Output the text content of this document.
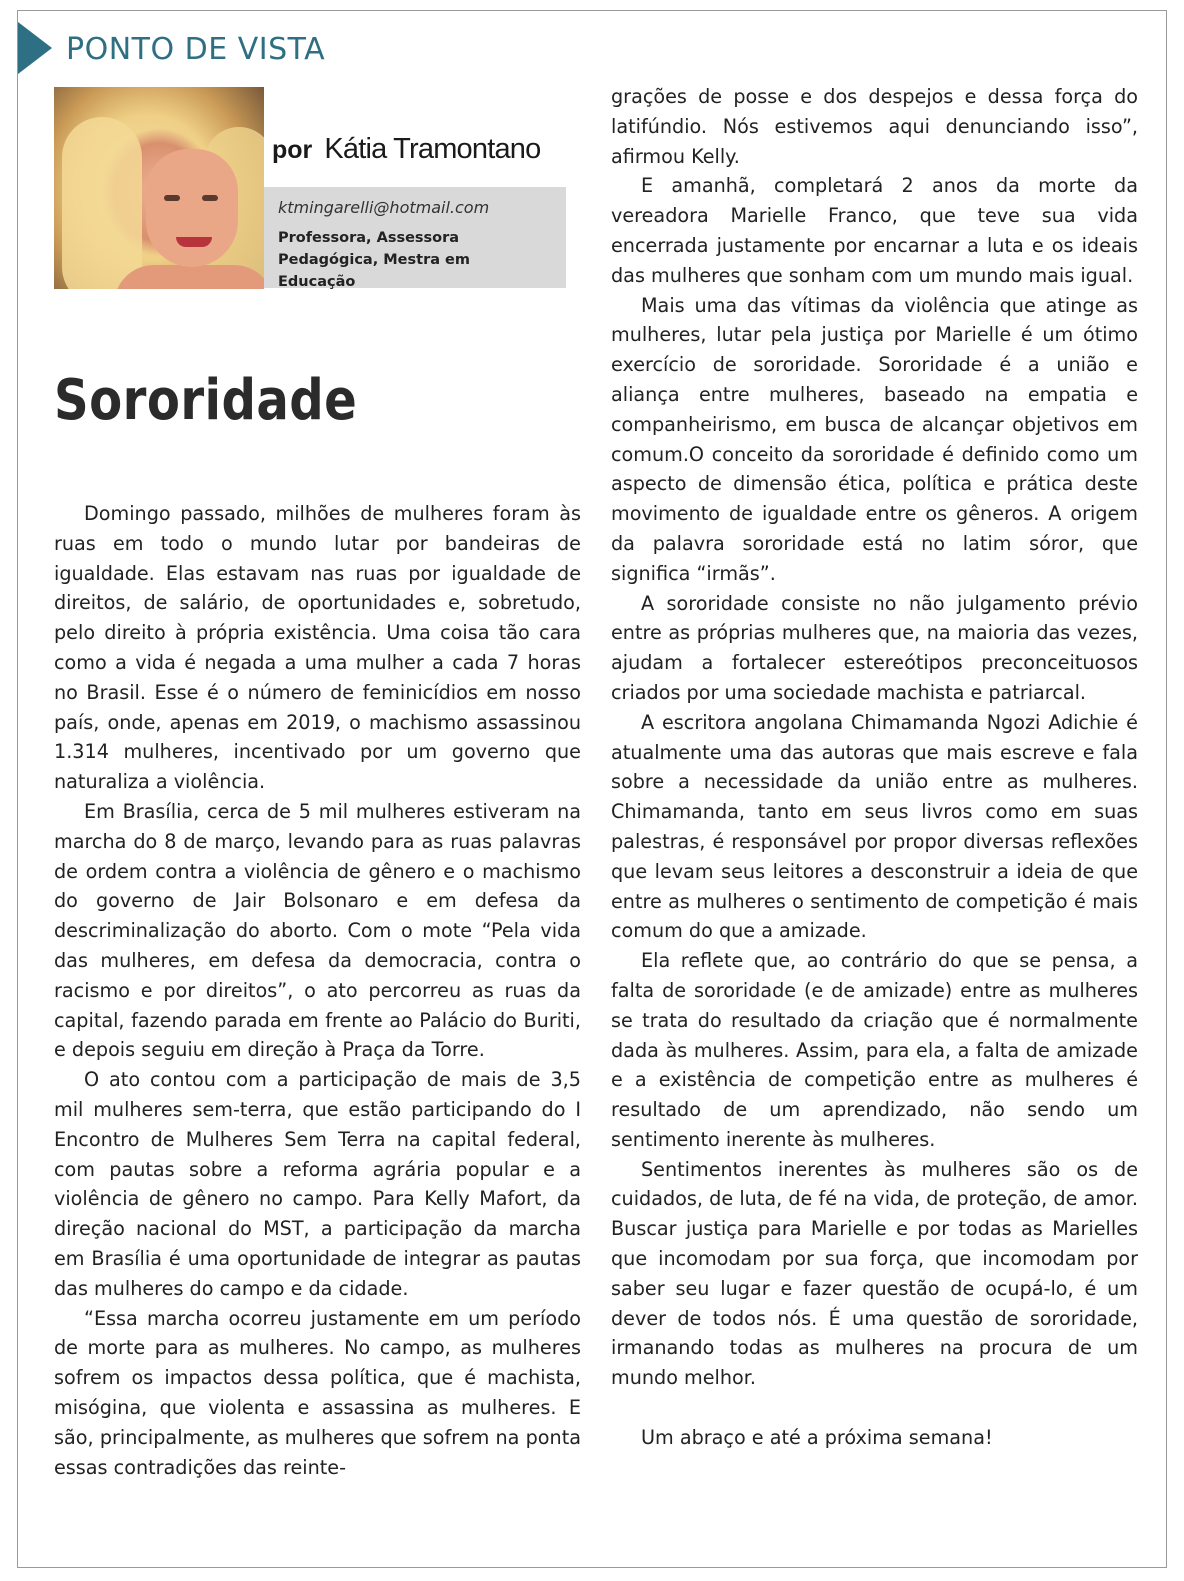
PONTO DE VISTA
por Kátia Tramontano
ktmingarelli@hotmail.com
Professora, Assessora
Pedagógica, Mestra em Educação
Sororidade

Domingo passado, milhões de mulheres foram às ruas em todo o mundo lutar por bandeiras de igualdade. Elas estavam nas ruas por igualdade de direitos, de salário, de oportunidades e, sobretudo, pelo direito à própria existência. Uma coisa tão cara como a vida é negada a uma mulher a cada 7 horas no Brasil. Esse é o número de feminicídios em nosso país, onde, apenas em 2019, o machismo assassinou 1.314 mulheres, incentivado por um governo que naturaliza a violência.

Em Brasília, cerca de 5 mil mulheres estiveram na marcha do 8 de março, levando para as ruas palavras de ordem contra a violência de gênero e o machismo do governo de Jair Bolsonaro e em defesa da descriminalização do aborto. Com o mote “Pela vida das mulheres, em defesa da democracia, contra o racismo e por direitos”, o ato percorreu as ruas da capital, fazendo parada em frente ao Palácio do Buriti, e depois seguiu em direção à Praça da Torre.

O ato contou com a participação de mais de 3,5 mil mulheres sem-terra, que estão participando do I Encontro de Mulheres Sem Terra na capital federal, com pautas sobre a reforma agrária popular e a violência de gênero no campo. Para Kelly Mafort, da direção nacional do MST, a participação da marcha em Brasília é uma oportunidade de integrar as pautas das mulheres do campo e da cidade.

“Essa marcha ocorreu justamente em um período de morte para as mulheres. No campo, as mulheres sofrem os impactos dessa política, que é machista, misógina, que violenta e assassina as mulheres. E são, principalmente, as mulheres que sofrem na ponta essas contradições das reinte-

grações de posse e dos despejos e dessa força do latifúndio. Nós estivemos aqui denunciando isso”, afirmou Kelly.

E amanhã, completará 2 anos da morte da vereadora Marielle Franco, que teve sua vida encerrada justamente por encarnar a luta e os ideais das mulheres que sonham com um mundo mais igual.

Mais uma das vítimas da violência que atinge as mulheres, lutar pela justiça por Marielle é um ótimo exercício de sororidade. Sororidade é a união e aliança entre mulheres, baseado na empatia e companheirismo, em busca de alcançar objetivos em comum.O conceito da sororidade é definido como um aspecto de dimensão ética, política e prática deste movimento de igualdade entre os gêneros. A origem da palavra sororidade está no latim sóror, que significa “irmãs”.

A sororidade consiste no não julgamento prévio entre as próprias mulheres que, na maioria das vezes, ajudam a fortalecer estereótipos preconceituosos criados por uma sociedade machista e patriarcal.

A escritora angolana Chimamanda Ngozi Adichie é atualmente uma das autoras que mais escreve e fala sobre a necessidade da união entre as mulheres. Chimamanda, tanto em seus livros como em suas palestras, é responsável por propor diversas reflexões que levam seus leitores a desconstruir a ideia de que entre as mulheres o sentimento de competição é mais comum do que a amizade.

Ela reflete que, ao contrário do que se pensa, a falta de sororidade (e de amizade) entre as mulheres se trata do resultado da criação que é normalmente dada às mulheres. Assim, para ela, a falta de amizade e a existência de competição entre as mulheres é resultado de um aprendizado, não sendo um sentimento inerente às mulheres.

Sentimentos inerentes às mulheres são os de cuidados, de luta, de fé na vida, de proteção, de amor. Buscar justiça para Marielle e por todas as Marielles que incomodam por sua força, que incomodam por saber seu lugar e fazer questão de ocupá-lo, é um dever de todos nós. É uma questão de sororidade, irmanando todas as mulheres na procura de um mundo melhor.

Um abraço e até a próxima semana!
